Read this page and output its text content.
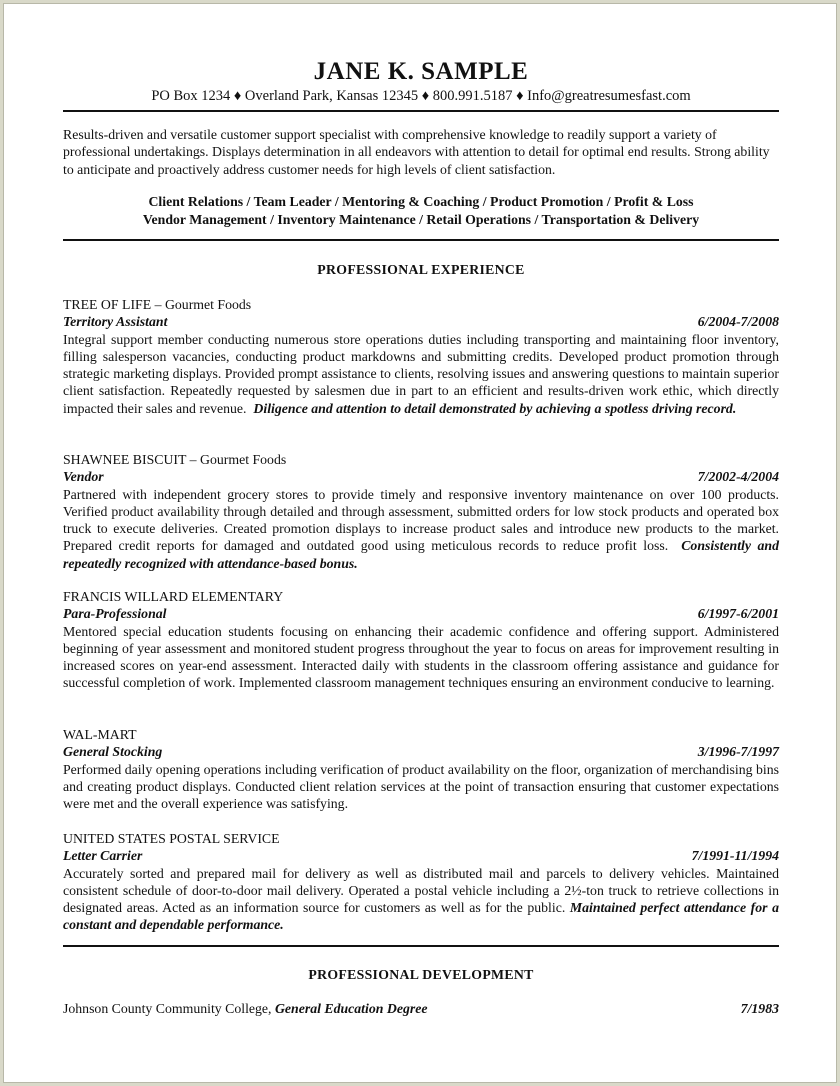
JANE K. SAMPLE
PO Box 1234 ♦ Overland Park, Kansas 12345 ♦ 800.991.5187 ♦ Info@greatresumesfast.com
Results-driven and versatile customer support specialist with comprehensive knowledge to readily support a variety of professional undertakings. Displays determination in all endeavors with attention to detail for optimal end results. Strong ability to anticipate and proactively address customer needs for high levels of client satisfaction.
Client Relations / Team Leader / Mentoring & Coaching / Product Promotion / Profit & Loss
Vendor Management / Inventory Maintenance / Retail Operations / Transportation & Delivery
PROFESSIONAL EXPERIENCE
TREE OF LIFE – Gourmet Foods
Territory Assistant	6/2004-7/2008
Integral support member conducting numerous store operations duties including transporting and maintaining floor inventory, filling salesperson vacancies, conducting product markdowns and submitting credits. Developed product promotion through strategic marketing displays. Provided prompt assistance to clients, resolving issues and answering questions to maintain superior client satisfaction. Repeatedly requested by salesmen due in part to an efficient and results-driven work ethic, which directly impacted their sales and revenue. Diligence and attention to detail demonstrated by achieving a spotless driving record.
SHAWNEE BISCUIT – Gourmet Foods
Vendor	7/2002-4/2004
Partnered with independent grocery stores to provide timely and responsive inventory maintenance on over 100 products. Verified product availability through detailed and through assessment, submitted orders for low stock products and operated box truck to execute deliveries. Created promotion displays to increase product sales and introduce new products to the market. Prepared credit reports for damaged and outdated good using meticulous records to reduce profit loss. Consistently and repeatedly recognized with attendance-based bonus.
FRANCIS WILLARD ELEMENTARY
Para-Professional	6/1997-6/2001
Mentored special education students focusing on enhancing their academic confidence and offering support. Administered beginning of year assessment and monitored student progress throughout the year to focus on areas for improvement resulting in increased scores on year-end assessment. Interacted daily with students in the classroom offering assistance and guidance for successful completion of work. Implemented classroom management techniques ensuring an environment conducive to learning.
WAL-MART
General Stocking	3/1996-7/1997
Performed daily opening operations including verification of product availability on the floor, organization of merchandising bins and creating product displays. Conducted client relation services at the point of transaction ensuring that customer expectations were met and the overall experience was satisfying.
UNITED STATES POSTAL SERVICE
Letter Carrier	7/1991-11/1994
Accurately sorted and prepared mail for delivery as well as distributed mail and parcels to delivery vehicles. Maintained consistent schedule of door-to-door mail delivery. Operated a postal vehicle including a 2½-ton truck to retrieve collections in designated areas. Acted as an information source for customers as well as for the public. Maintained perfect attendance for a constant and dependable performance.
PROFESSIONAL DEVELOPMENT
Johnson County Community College, General Education Degree	7/1983
